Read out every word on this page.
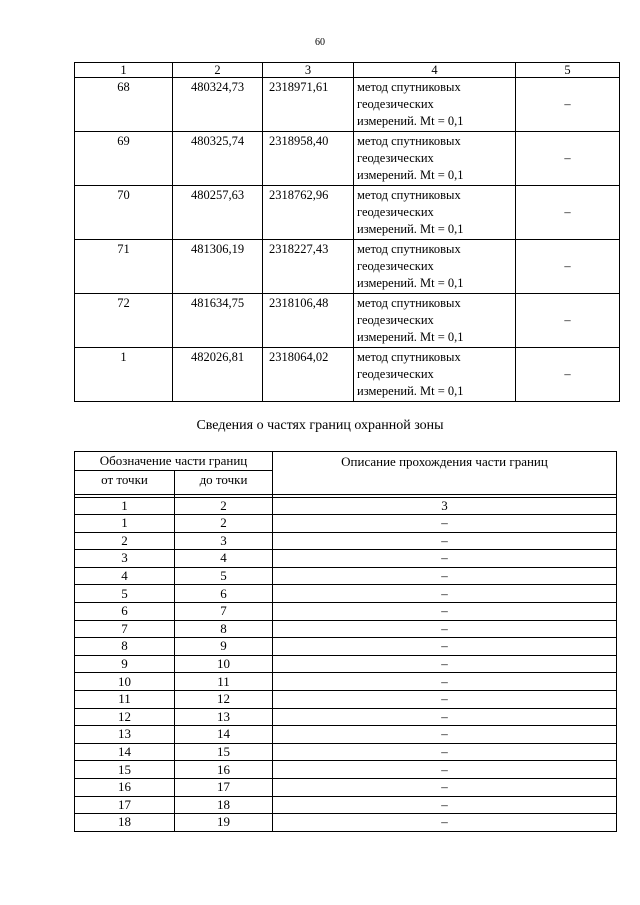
60
1	2	3	4	5
68	480324,73	2318971,61	метод спутниковых
геодезических
измерений. Mt = 0,1	–
69	480325,74	2318958,40	метод спутниковых
геодезических
измерений. Mt = 0,1	–
70	480257,63	2318762,96	метод спутниковых
геодезических
измерений. Mt = 0,1	–
71	481306,19	2318227,43	метод спутниковых
геодезических
измерений. Mt = 0,1	–
72	481634,75	2318106,48	метод спутниковых
геодезических
измерений. Mt = 0,1	–
1	482026,81	2318064,02	метод спутниковых
геодезических
измерений. Mt = 0,1	–
Сведения о частях границ охранной зоны
Обозначение части границ		Описание прохождения части границ
от точки	до точки	

1	2	3
1	2	–
2	3	–
3	4	–
4	5	–
5	6	–
6	7	–
7	8	–
8	9	–
9	10	–
10	11	–
11	12	–
12	13	–
13	14	–
14	15	–
15	16	–
16	17	–
17	18	–
18	19	–
